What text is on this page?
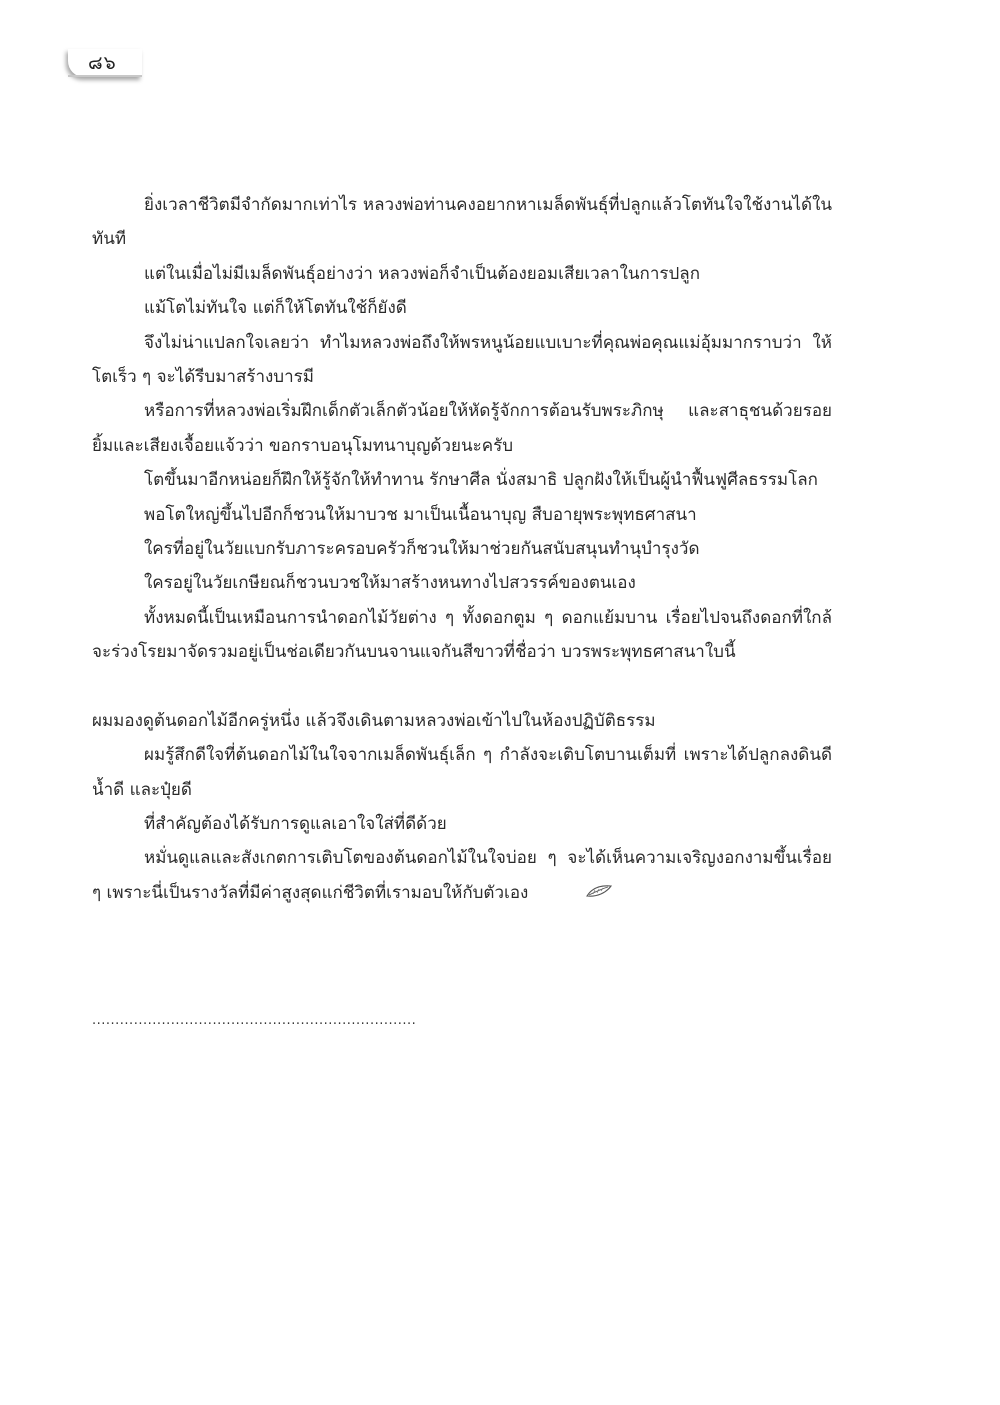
๘๖

ยิ่งเวลาชีวิตมีจำกัดมากเท่าไร หลวงพ่อท่านคงอยากหาเมล็ดพันธุ์ที่ปลูกแล้วโตทันใจใช้งานได้ในทันที

แต่ในเมื่อไม่มีเมล็ดพันธุ์อย่างว่า หลวงพ่อก็จำเป็นต้องยอมเสียเวลาในการปลูก

แม้โตไม่ทันใจ แต่ก็ให้โตทันใช้ก็ยังดี

จึงไม่น่าแปลกใจเลยว่า ทำไมหลวงพ่อถึงให้พรหนูน้อยแบเบาะที่คุณพ่อคุณแม่อุ้มมากราบว่า ให้โตเร็ว ๆ จะได้รีบมาสร้างบารมี

หรือการที่หลวงพ่อเริ่มฝึกเด็กตัวเล็กตัวน้อยให้หัดรู้จักการต้อนรับพระภิกษุ และสาธุชนด้วยรอยยิ้มและเสียงเจื้อยแจ้วว่า ขอกราบอนุโมทนาบุญด้วยนะครับ

โตขึ้นมาอีกหน่อยก็ฝึกให้รู้จักให้ทำทาน รักษาศีล นั่งสมาธิ ปลูกฝังให้เป็นผู้นำฟื้นฟูศีลธรรมโลก

พอโตใหญ่ขึ้นไปอีกก็ชวนให้มาบวช มาเป็นเนื้อนาบุญ สืบอายุพระพุทธศาสนา

ใครที่อยู่ในวัยแบกรับภาระครอบครัวก็ชวนให้มาช่วยกันสนับสนุนทำนุบำรุงวัด

ใครอยู่ในวัยเกษียณก็ชวนบวชให้มาสร้างหนทางไปสวรรค์ของตนเอง

ทั้งหมดนี้เป็นเหมือนการนำดอกไม้วัยต่าง ๆ ทั้งดอกตูม ๆ ดอกแย้มบาน เรื่อยไปจนถึงดอกที่ใกล้จะร่วงโรยมาจัดรวมอยู่เป็นช่อเดียวกันบนจานแจกันสีขาวที่ชื่อว่า บวรพระพุทธศาสนาใบนี้

ผมมองดูต้นดอกไม้อีกครู่หนึ่ง แล้วจึงเดินตามหลวงพ่อเข้าไปในห้องปฏิบัติธรรม

ผมรู้สึกดีใจที่ต้นดอกไม้ในใจจากเมล็ดพันธุ์เล็ก ๆ กำลังจะเติบโตบานเต็มที่ เพราะได้ปลูกลงดินดี น้ำดี และปุ๋ยดี

ที่สำคัญต้องได้รับการดูแลเอาใจใส่ที่ดีด้วย

หมั่นดูแลและสังเกตการเติบโตของต้นดอกไม้ในใจบ่อย ๆ จะได้เห็นความเจริญงอกงามขึ้นเรื่อย ๆ เพราะนี่เป็นรางวัลที่มีค่าสูงสุดแก่ชีวิตที่เรามอบให้กับตัวเอง

......................................................................
